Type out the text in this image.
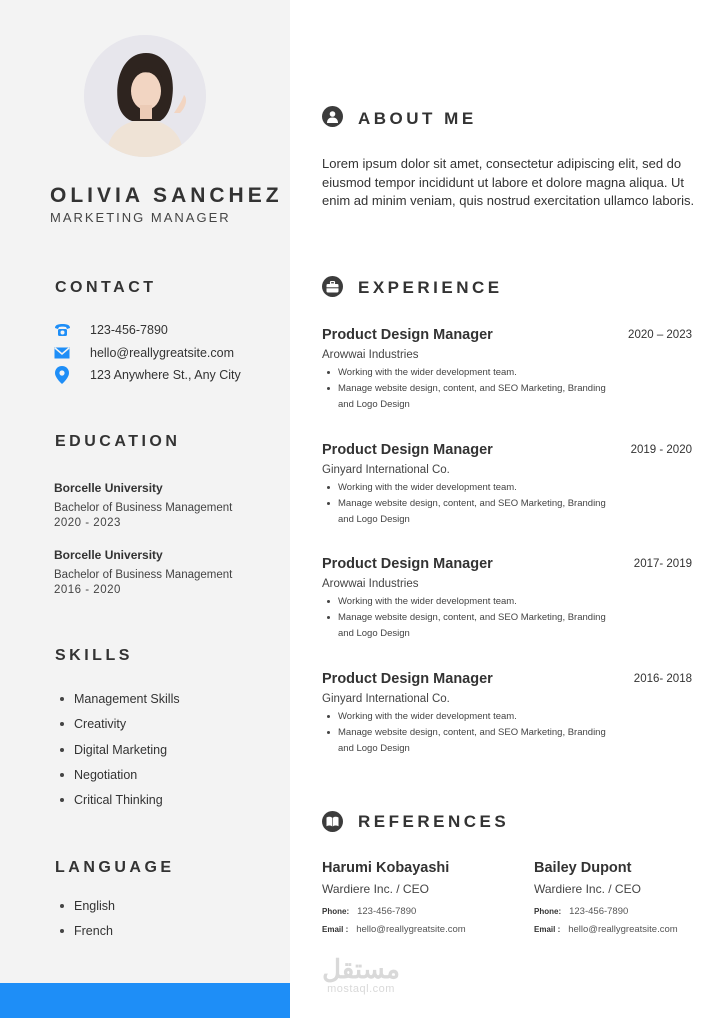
OLIVIA SANCHEZ
MARKETING MANAGER
CONTACT
123-456-7890
hello@reallygreatsite.com
123 Anywhere St., Any City
EDUCATION
Borcelle University
Bachelor of Business Management
2020 - 2023
Borcelle University
Bachelor of Business Management
2016 - 2020
SKILLS
Management Skills
Creativity
Digital Marketing
Negotiation
Critical Thinking
LANGUAGE
English
French
ABOUT ME
Lorem ipsum dolor sit amet, consectetur adipiscing elit, sed do eiusmod tempor incididunt ut labore et dolore magna aliqua. Ut enim ad minim veniam, quis nostrud exercitation ullamco laboris.
EXPERIENCE
Product Design Manager	2020 – 2023
Arowwai Industries
Working with the wider development team.
Manage website design, content, and SEO Marketing, Branding and Logo Design
Product Design Manager	2019 - 2020
Ginyard International Co.
Working with the wider development team.
Manage website design, content, and SEO Marketing, Branding and Logo Design
Product Design Manager	2017- 2019
Arowwai Industries
Working with the wider development team.
Manage website design, content, and SEO Marketing, Branding and Logo Design
Product Design Manager	2016- 2018
Ginyard International Co.
Working with the wider development team.
Manage website design, content, and SEO Marketing, Branding and Logo Design
REFERENCES
Harumi Kobayashi
Wardiere Inc. / CEO
Phone: 123-456-7890
Email : hello@reallygreatsite.com
Bailey Dupont
Wardiere Inc. / CEO
Phone: 123-456-7890
Email : hello@reallygreatsite.com
مستقل
mostaql.com
